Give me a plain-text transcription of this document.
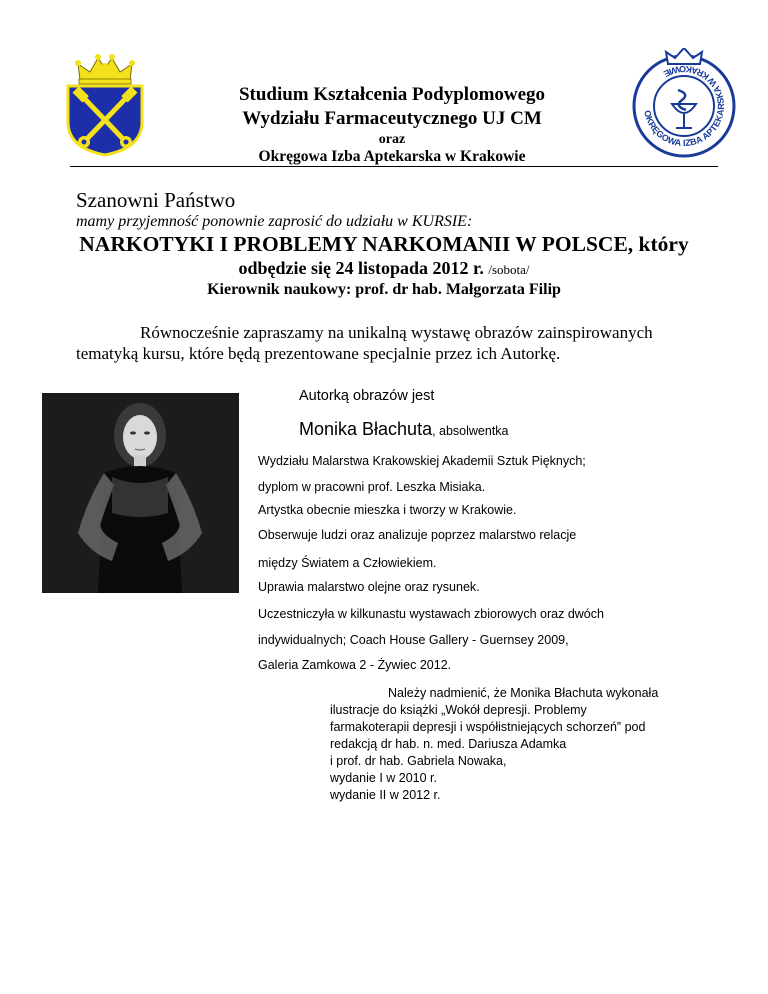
OKRĘGOWA IZBA APTEKARSKA W KRAKOWIE
Studium Kształcenia Podyplomowego
Wydziału Farmaceutycznego UJ CM
oraz
Okręgowa Izba Aptekarska w Krakowie
Szanowni Państwo
mamy przyjemność ponownie zaprosić do udziału w KURSIE:
NARKOTYKI I PROBLEMY NARKOMANII W POLSCE, który
odbędzie się 24 listopada 2012 r. /sobota/
Kierownik naukowy: prof. dr hab. Małgorzata Filip
Równocześnie zapraszamy na unikalną wystawę obrazów zainspirowanych tematyką kursu, które będą prezentowane specjalnie przez ich Autorkę.
Autorką obrazów jest
Monika Błachuta, absolwentka
Wydziału Malarstwa Krakowskiej Akademii Sztuk Pięknych;
dyplom w pracowni prof. Leszka Misiaka.
Artystka obecnie mieszka i tworzy w Krakowie.
Obserwuje ludzi oraz analizuje poprzez malarstwo relacje
między Światem a Człowiekiem.
Uprawia malarstwo olejne oraz rysunek.
Uczestniczyła w kilkunastu wystawach zbiorowych oraz dwóch
indywidualnych; Coach House Gallery - Guernsey 2009,
Galeria Zamkowa 2 - Żywiec 2012.
Należy nadmienić, że Monika Błachuta wykonała
ilustracje do książki „Wokół depresji. Problemy
farmakoterapii depresji i współistniejących schorzeń” pod
redakcją dr hab. n. med. Dariusza Adamka
i prof. dr hab. Gabriela Nowaka,
wydanie I w 2010 r.
wydanie II w 2012 r.
